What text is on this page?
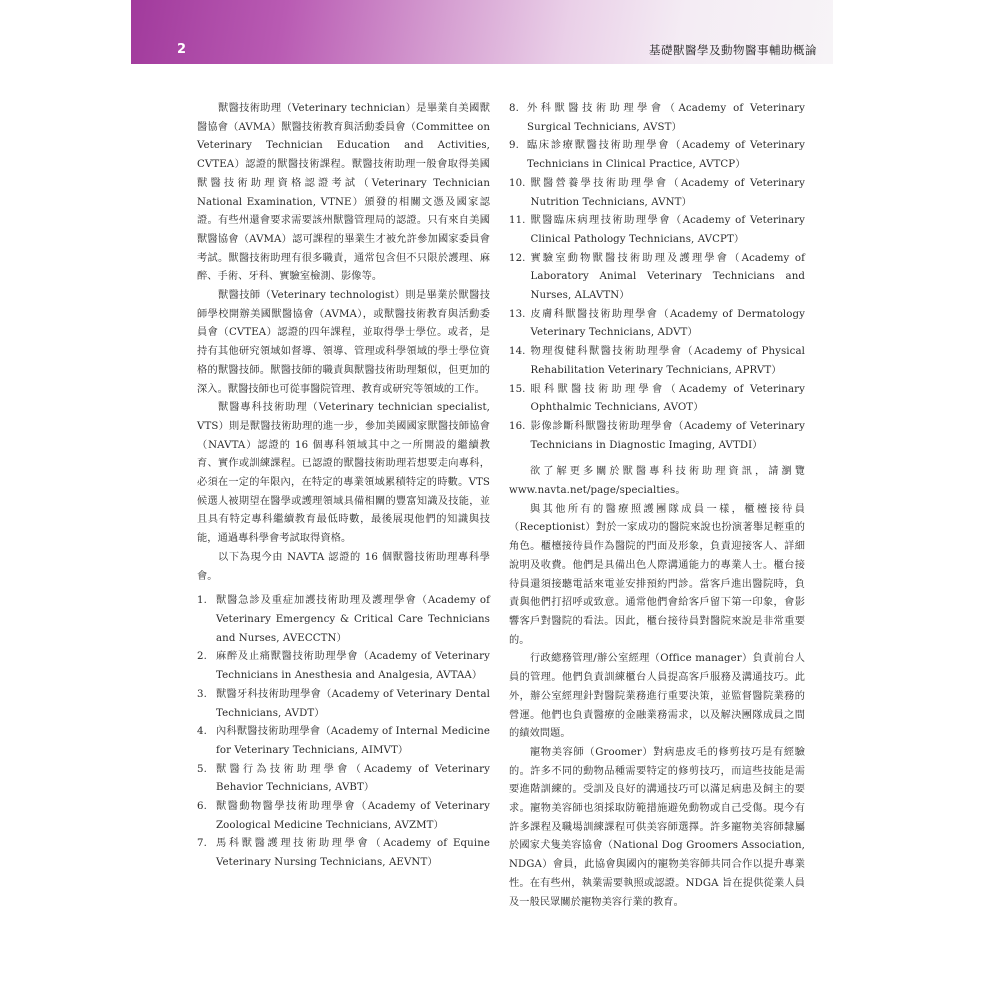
2	基礎獸醫學及動物醫事輔助概論

獸醫技術助理（Veterinary technician）是畢業自美國獸醫協會（AVMA）獸醫技術教育與活動委員會（Committee on Veterinary Technician Education and Activities, CVTEA）認證的獸醫技術課程。獸醫技術助理一般會取得美國獸醫技術助理資格認證考試（Veterinary Technician National Examination, VTNE）頒發的相關文憑及國家認證。有些州還會要求需要該州獸醫管理局的認證。只有來自美國獸醫協會（AVMA）認可課程的畢業生才被允許參加國家委員會考試。獸醫技術助理有很多職責，通常包含但不只限於護理、麻醉、手術、牙科、實驗室檢測、影像等。

獸醫技師（Veterinary technologist）則是畢業於獸醫技師學校開辦美國獸醫協會（AVMA），或獸醫技術教育與活動委員會（CVTEA）認證的四年課程，並取得學士學位。或者，是持有其他研究領域如督導、領導、管理或科學領域的學士學位資格的獸醫技師。獸醫技師的職責與獸醫技術助理類似，但更加的深入。獸醫技師也可從事醫院管理、教育或研究等領域的工作。

獸醫專科技術助理（Veterinary technician specialist, VTS）則是獸醫技術助理的進一步，參加美國國家獸醫技師協會（NAVTA）認證的 16 個專科領域其中之一所開設的繼續教育、實作或訓練課程。已認證的獸醫技術助理若想要走向專科，必須在一定的年限內，在特定的專業領域累積特定的時數。VTS 候選人被期望在醫學或護理領域具備相關的豐富知識及技能，並且具有特定專科繼續教育最低時數，最後展現他們的知識與技能，通過專科學會考試取得資格。

以下為現今由 NAVTA 認證的 16 個獸醫技術助理專科學會。

1. 獸醫急診及重症加護技術助理及護理學會（Academy of Veterinary Emergency & Critical Care Technicians and Nurses, AVECCTN）
2. 麻醉及止痛獸醫技術助理學會（Academy of Veterinary Technicians in Anesthesia and Analgesia, AVTAA）
3. 獸醫牙科技術助理學會（Academy of Veterinary Dental Technicians, AVDT）
4. 內科獸醫技術助理學會（Academy of Internal Medicine for Veterinary Technicians, AIMVT）
5. 獸醫行為技術助理學會（Academy of Veterinary Behavior Technicians, AVBT）
6. 獸醫動物醫學技術助理學會（Academy of Veterinary Zoological Medicine Technicians, AVZMT）
7. 馬科獸醫護理技術助理學會（Academy of Equine Veterinary Nursing Technicians, AEVNT）
8. 外科獸醫技術助理學會（Academy of Veterinary Surgical Technicians, AVST）
9. 臨床診療獸醫技術助理學會（Academy of Veterinary Technicians in Clinical Practice, AVTCP）
10. 獸醫營養學技術助理學會（Academy of Veterinary Nutrition Technicians, AVNT）
11. 獸醫臨床病理技術助理學會（Academy of Veterinary Clinical Pathology Technicians, AVCPT）
12. 實驗室動物獸醫技術助理及護理學會（Academy of Laboratory Animal Veterinary Technicians and Nurses, ALAVTN）
13. 皮膚科獸醫技術助理學會（Academy of Dermatology Veterinary Technicians, ADVT）
14. 物理復健科獸醫技術助理學會（Academy of Physical Rehabilitation Veterinary Technicians, APRVT）
15. 眼科獸醫技術助理學會（Academy of Veterinary Ophthalmic Technicians, AVOT）
16. 影像診斷科獸醫技術助理學會（Academy of Veterinary Technicians in Diagnostic Imaging, AVTDI）

欲了解更多關於獸醫專科技術助理資訊，請瀏覽 www.navta.net/page/specialties。

與其他所有的醫療照護團隊成員一樣，櫃檯接待員（Receptionist）對於一家成功的醫院來說也扮演著舉足輕重的角色。櫃檯接待員作為醫院的門面及形象，負責迎接客人、詳細說明及收費。他們是具備出色人際溝通能力的專業人士。櫃台接待員還須接聽電話來電並安排預約門診。當客戶進出醫院時，負責與他們打招呼或致意。通常他們會給客戶留下第一印象，會影響客戶對醫院的看法。因此，櫃台接待員對醫院來說是非常重要的。

行政總務管理/辦公室經理（Office manager）負責前台人員的管理。他們負責訓練櫃台人員提高客戶服務及溝通技巧。此外，辦公室經理針對醫院業務進行重要決策，並監督醫院業務的營運。他們也負責醫療的金融業務需求，以及解決團隊成員之間的績效問題。

寵物美容師（Groomer）對病患皮毛的修剪技巧是有經驗的。許多不同的動物品種需要特定的修剪技巧，而這些技能是需要進階訓練的。受訓及良好的溝通技巧可以滿足病患及飼主的要求。寵物美容師也須採取防範措施避免動物或自己受傷。現今有許多課程及職場訓練課程可供美容師選擇。許多寵物美容師隸屬於國家犬隻美容協會（National Dog Groomers Association, NDGA）會員，此協會與國內的寵物美容師共同合作以提升專業性。在有些州，執業需要執照或認證。NDGA 旨在提供從業人員及一般民眾關於寵物美容行業的教育。
